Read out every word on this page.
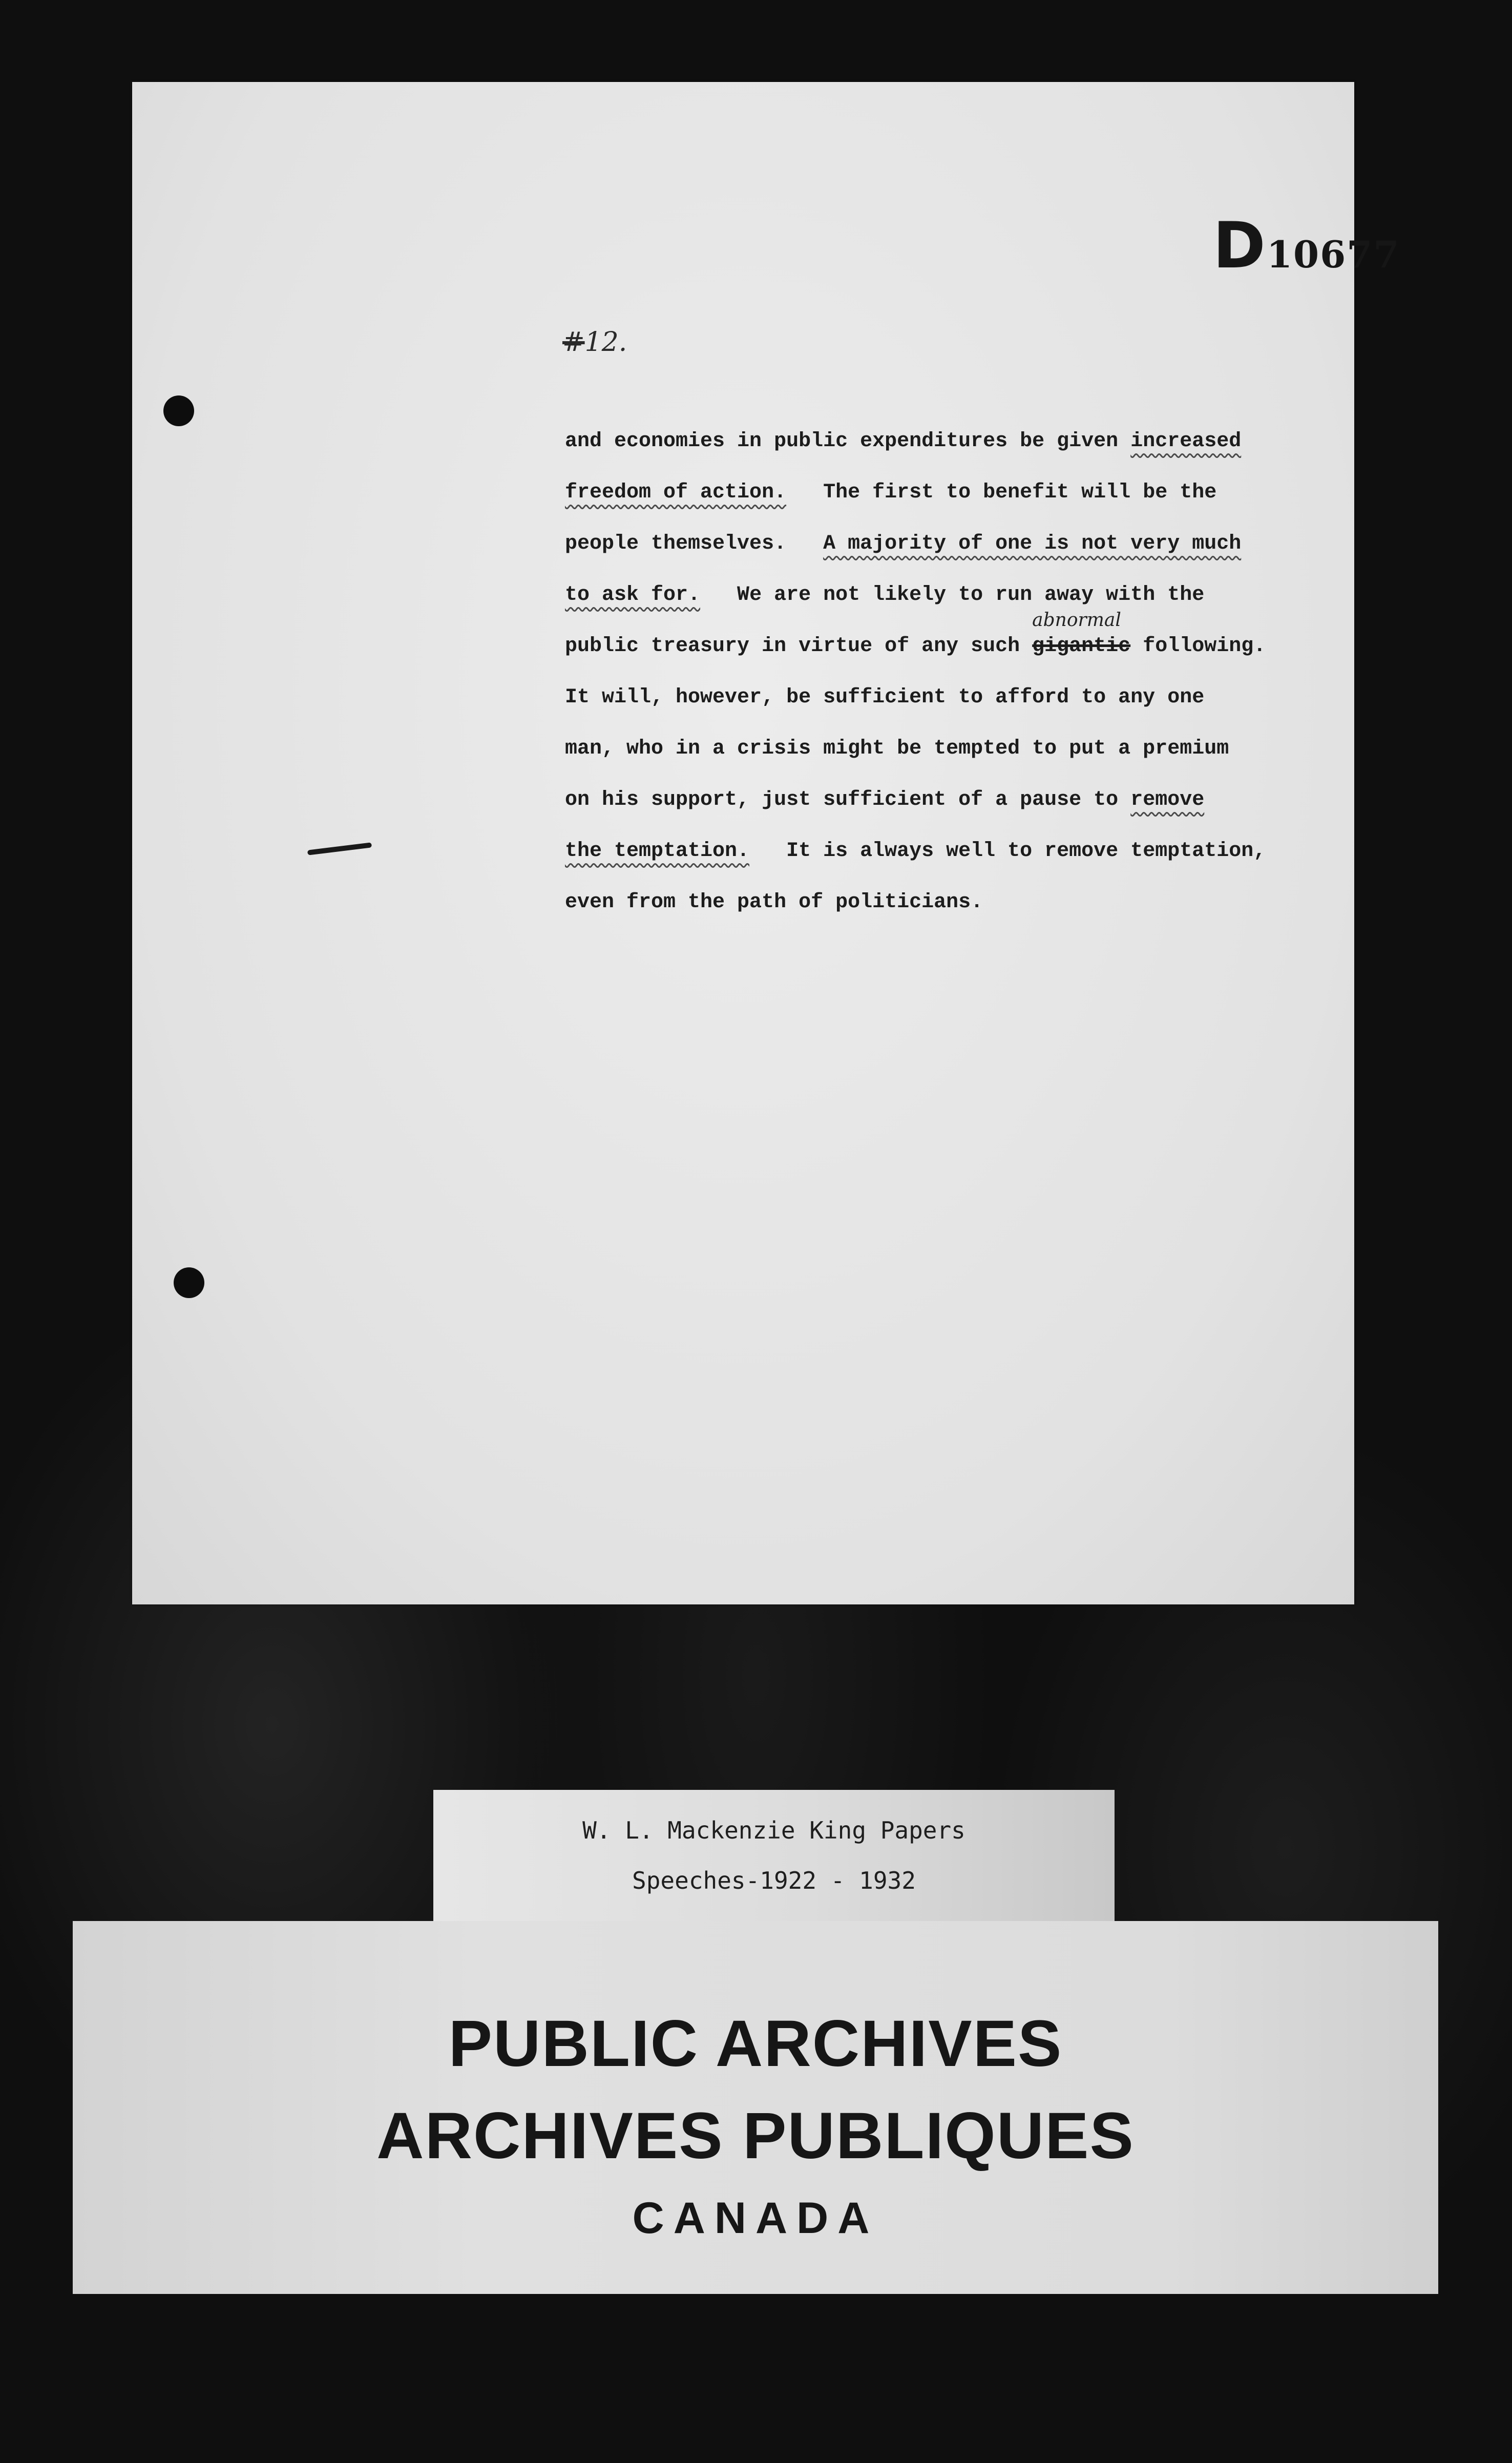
D10677
#12.
and economies in public expenditures be given increased
freedom of action.   The first to benefit will be the
people themselves.   A majority of one is not very much
to ask for.   We are not likely to run away with the
public treasury in virtue of any such gigantic
abnormal
following.
It will, however, be sufficient to afford to any one
man, who in a crisis might be tempted to put a premium
on his support, just sufficient of a pause to remove
the temptation.   It is always well to remove temptation,
even from the path of politicians.
W. L. Mackenzie King Papers
Speeches-1922 - 1932
PUBLIC ARCHIVES
ARCHIVES PUBLIQUES
CANADA
